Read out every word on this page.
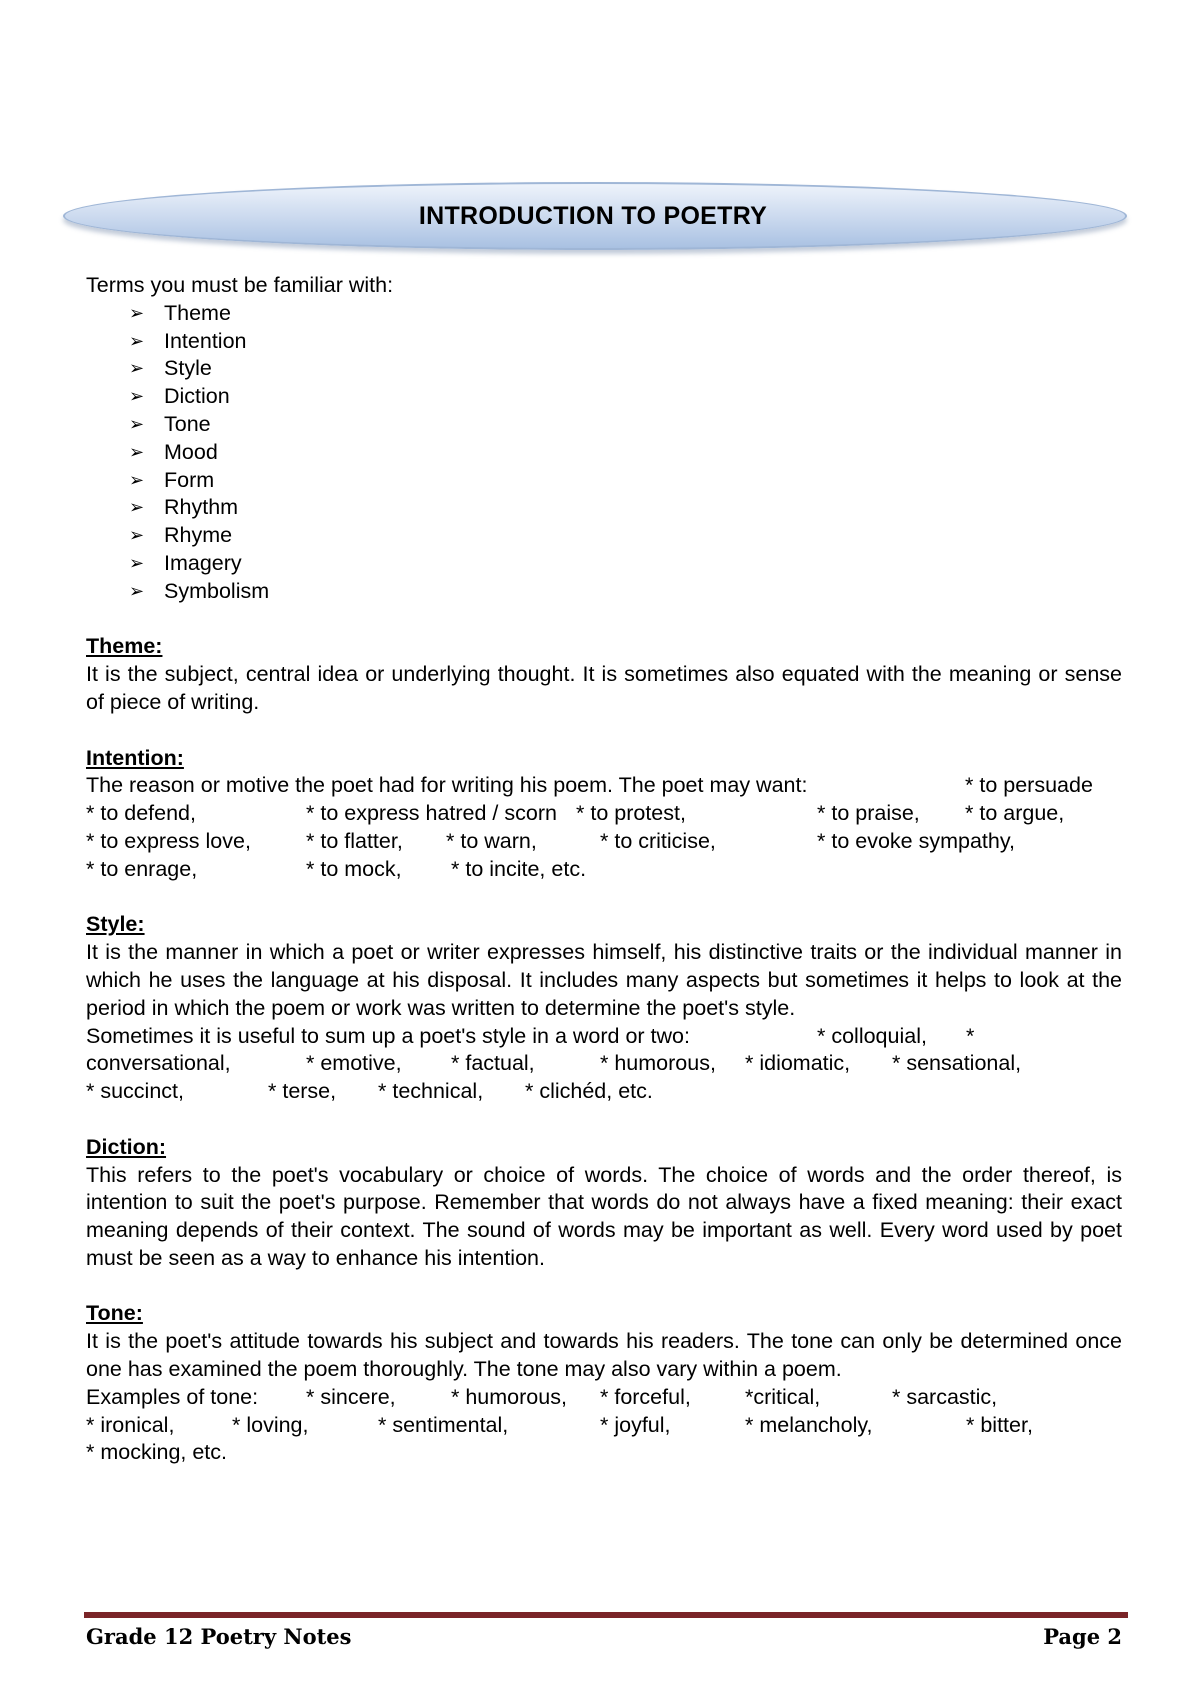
INTRODUCTION TO POETRY

Terms you must be familiar with:

➢ Theme
➢ Intention
➢ Style
➢ Diction
➢ Tone
➢ Mood
➢ Form
➢ Rhythm
➢ Rhyme
➢ Imagery
➢ Symbolism

Theme:

It is the subject, central idea or underlying thought. It is sometimes also equated with the meaning or sense of piece of writing.

Intention:

The reason or motive the poet had for writing his poem. The poet may want:	* to persuade
* to defend,	* to express hatred / scorn * to protest,	* to praise, * to argue,
* to express love,	* to flatter, * to warn,	* to criticise,	* to evoke sympathy,
* to enrage,	* to mock, * to incite, etc.

Style:

It is the manner in which a poet or writer expresses himself, his distinctive traits or the individual manner in which he uses the language at his disposal. It includes many aspects but sometimes it helps to look at the period in which the poem or work was written to determine the poet's style.

Sometimes it is useful to sum up a poet's style in a word or two:	* colloquial, *
conversational,	* emotive, * factual,	* humorous, * idiomatic, * sensational,
* succinct,	* terse, * technical, * clichéd, etc.

Diction:

This refers to the poet's vocabulary or choice of words. The choice of words and the order thereof, is intention to suit the poet's purpose. Remember that words do not always have a fixed meaning: their exact meaning depends of their context. The sound of words may be important as well. Every word used by poet must be seen as a way to enhance his intention.

Tone:

It is the poet's attitude towards his subject and towards his readers. The tone can only be determined once one has examined the poem thoroughly. The tone may also vary within a poem.

Examples of tone: * sincere,	* humorous, * forceful,	*critical,	* sarcastic,
* ironical,	* loving,	* sentimental,	* joyful,	* melancholy,	* bitter,
* mocking, etc.
Grade 12 Poetry Notes	Page 2
